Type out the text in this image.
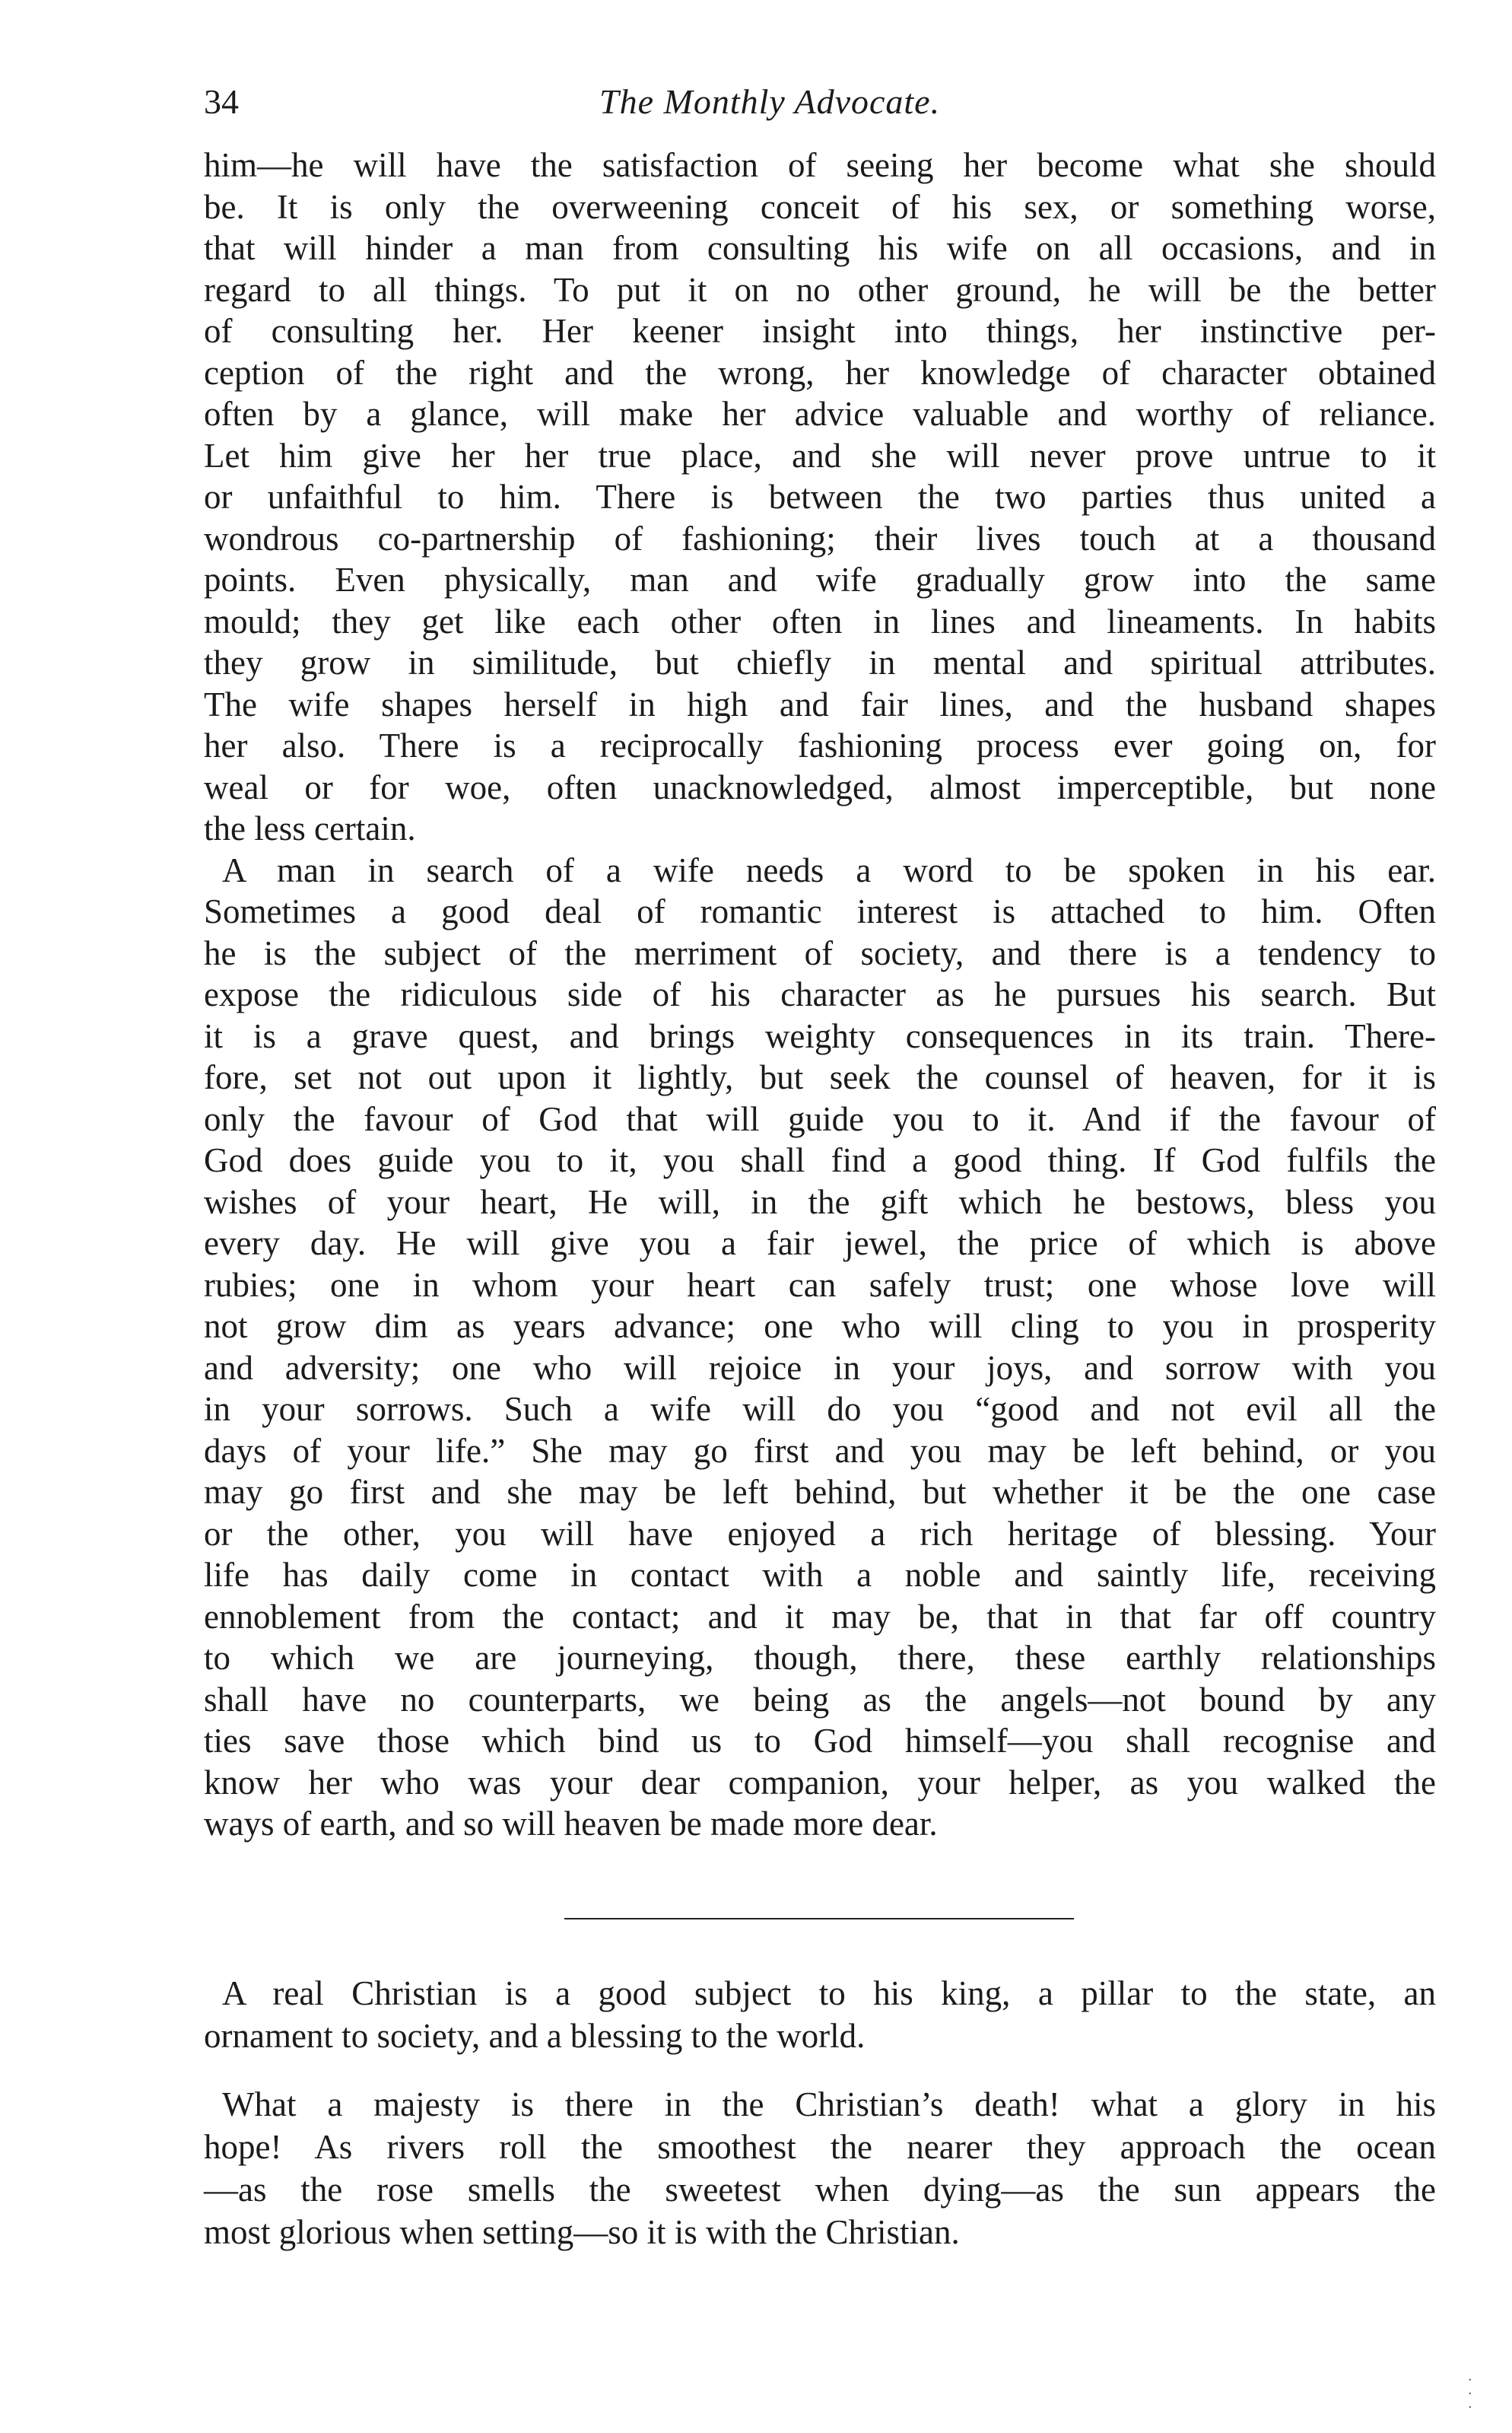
34	The Monthly Advocate.
him—he will have the satisfaction of seeing her become what she should
be. It is only the overweening conceit of his sex, or something worse,
that will hinder a man from consulting his wife on all occasions, and in
regard to all things. To put it on no other ground, he will be the better
of consulting her. Her keener insight into things, her instinctive per-
ception of the right and the wrong, her knowledge of character obtained
often by a glance, will make her advice valuable and worthy of reliance.
Let him give her her true place, and she will never prove untrue to it
or unfaithful to him. There is between the two parties thus united a
wondrous co-partnership of fashioning; their lives touch at a thousand
points. Even physically, man and wife gradually grow into the same
mould; they get like each other often in lines and lineaments. In habits
they grow in similitude, but chiefly in mental and spiritual attributes.
The wife shapes herself in high and fair lines, and the husband shapes
her also. There is a reciprocally fashioning process ever going on, for
weal or for woe, often unacknowledged, almost imperceptible, but none
the less certain.
A man in search of a wife needs a word to be spoken in his ear.
Sometimes a good deal of romantic interest is attached to him. Often
he is the subject of the merriment of society, and there is a tendency to
expose the ridiculous side of his character as he pursues his search. But
it is a grave quest, and brings weighty consequences in its train. There-
fore, set not out upon it lightly, but seek the counsel of heaven, for it is
only the favour of God that will guide you to it. And if the favour of
God does guide you to it, you shall find a good thing. If God fulfils the
wishes of your heart, He will, in the gift which he bestows, bless you
every day. He will give you a fair jewel, the price of which is above
rubies; one in whom your heart can safely trust; one whose love will
not grow dim as years advance; one who will cling to you in prosperity
and adversity; one who will rejoice in your joys, and sorrow with you
in your sorrows. Such a wife will do you “good and not evil all the
days of your life.” She may go first and you may be left behind, or you
may go first and she may be left behind, but whether it be the one case
or the other, you will have enjoyed a rich heritage of blessing. Your
life has daily come in contact with a noble and saintly life, receiving
ennoblement from the contact; and it may be, that in that far off country
to which we are journeying, though, there, these earthly relationships
shall have no counterparts, we being as the angels—not bound by any
ties save those which bind us to God himself—you shall recognise and
know her who was your dear companion, your helper, as you walked the
ways of earth, and so will heaven be made more dear.
A real Christian is a good subject to his king, a pillar to the state, an
ornament to society, and a blessing to the world.
What a majesty is there in the Christian’s death! what a glory in his
hope! As rivers roll the smoothest the nearer they approach the ocean
—as the rose smells the sweetest when dying—as the sun appears the
most glorious when setting—so it is with the Christian.
·
·
·
